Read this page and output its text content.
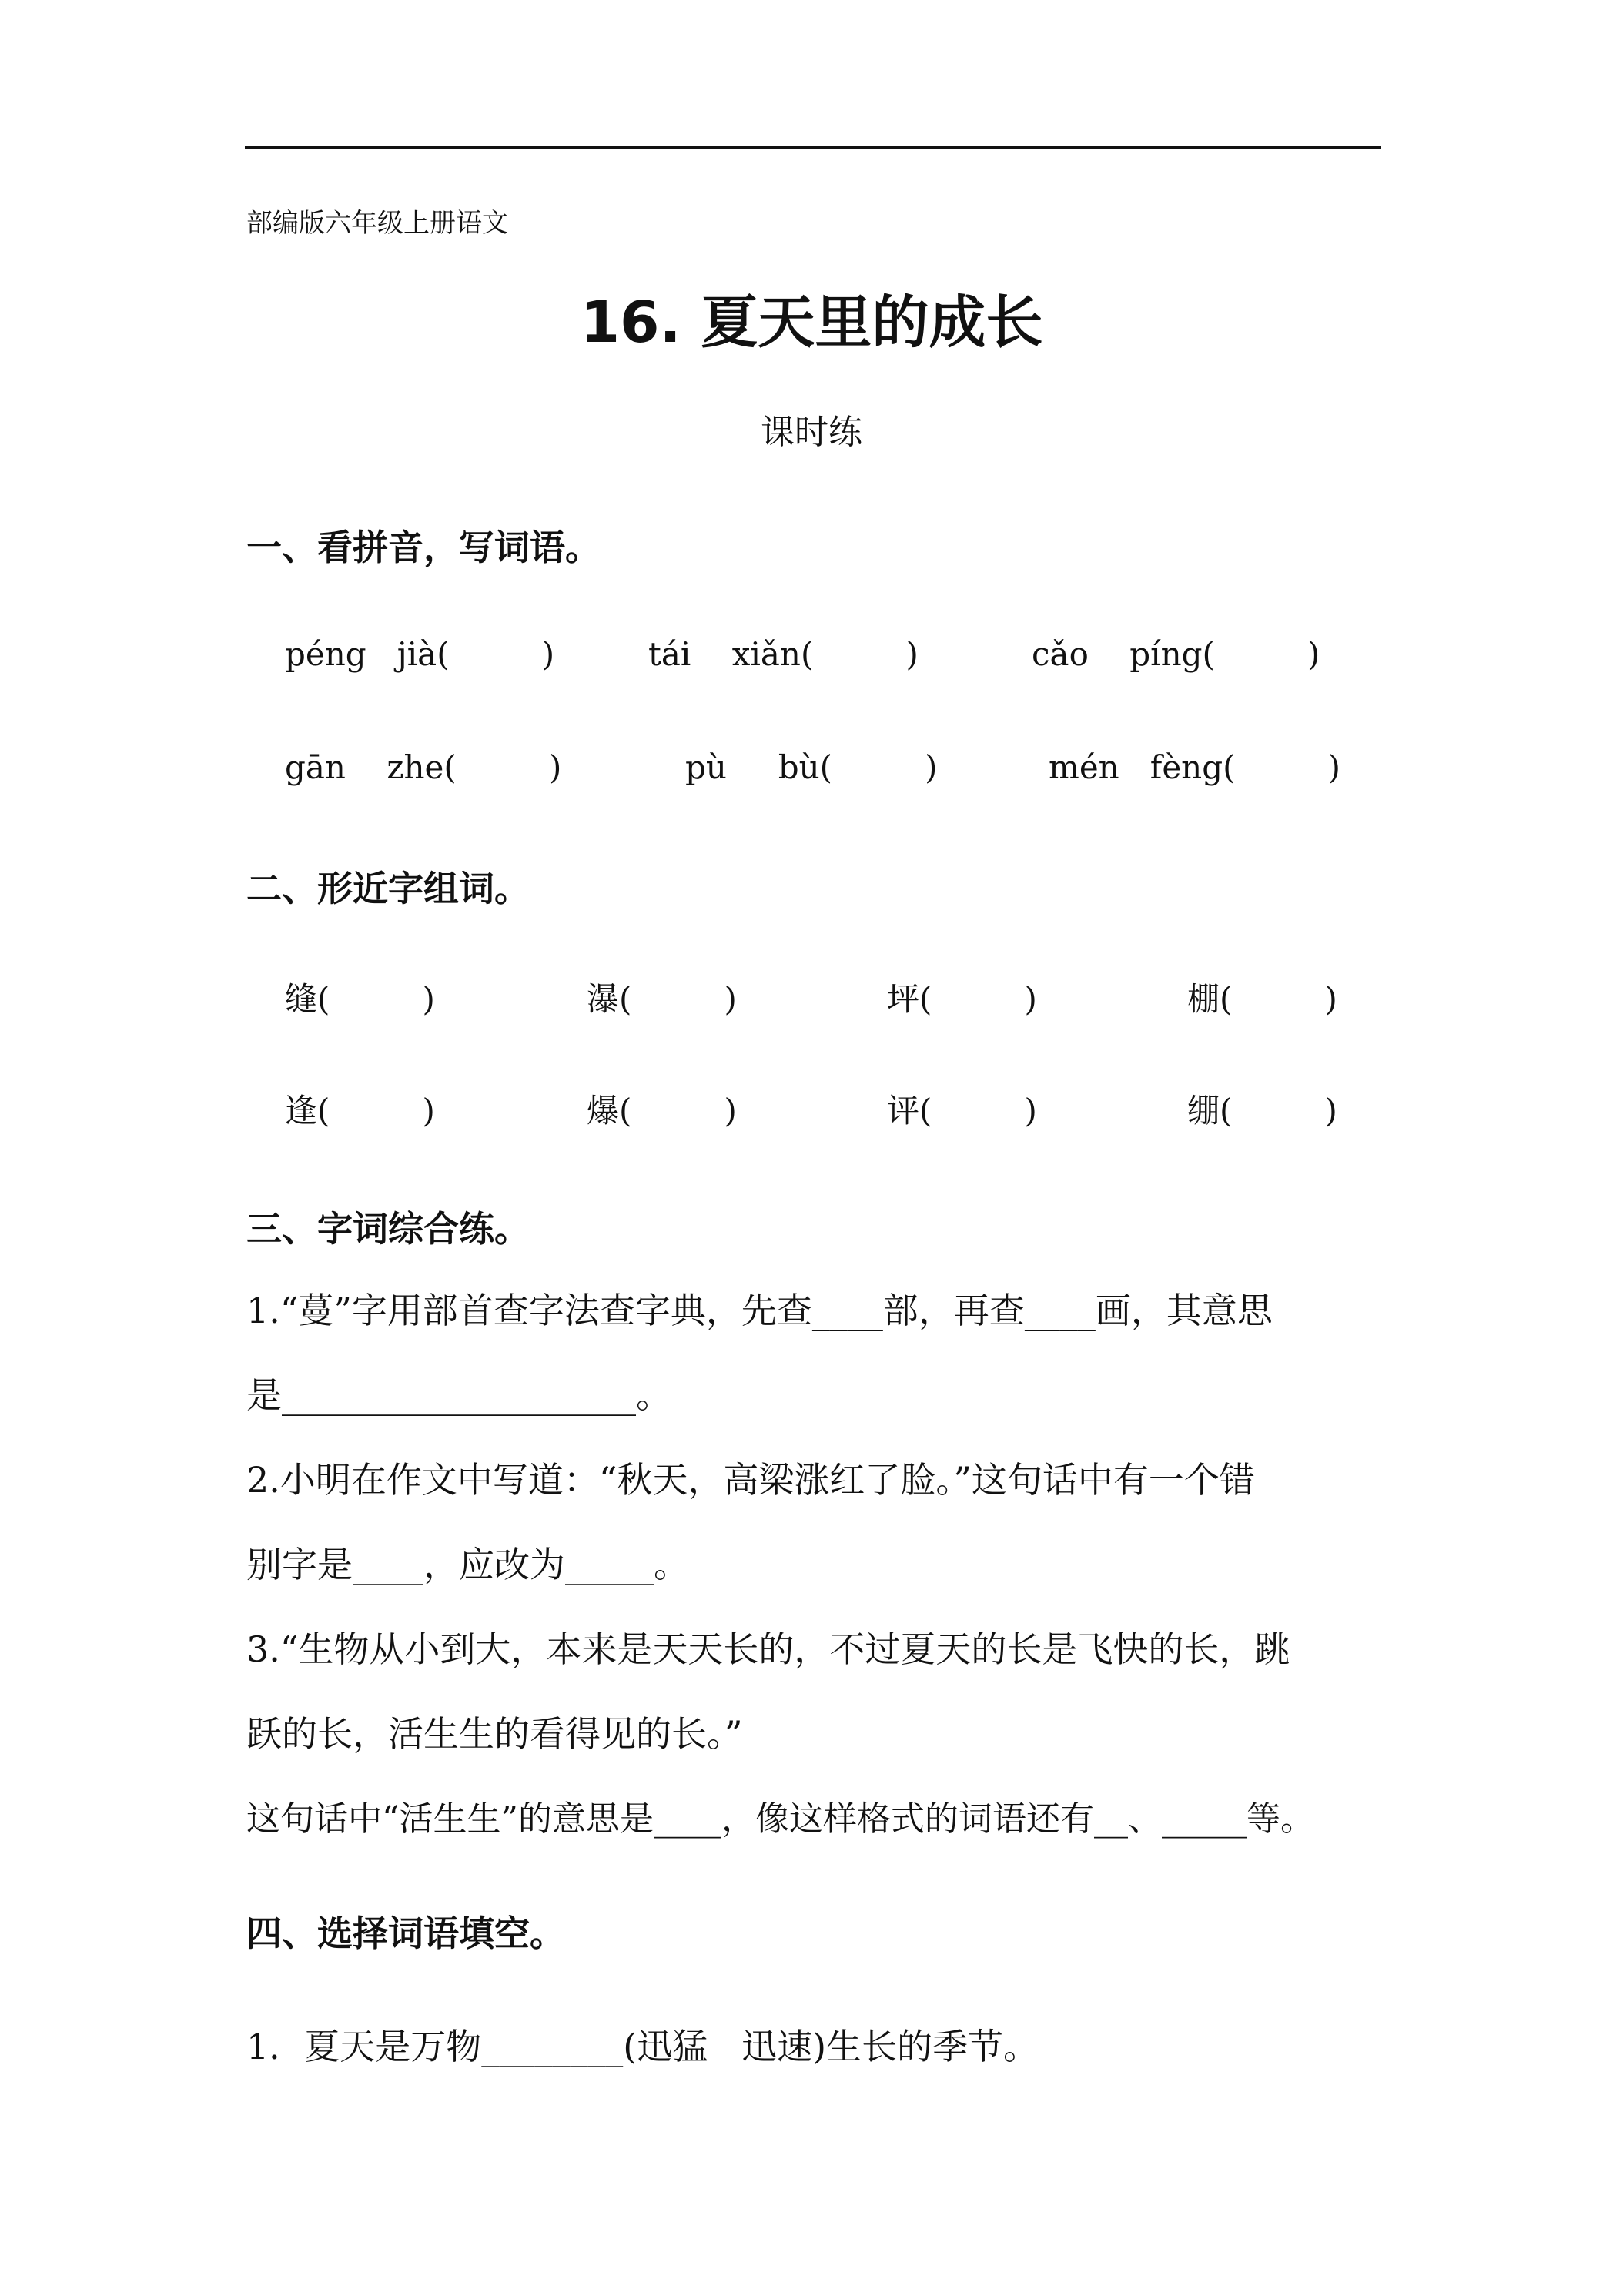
部编版六年级上册语文
16. 夏天里的成长
课时练
一、看拼音，写词语。
péng   jià(         )	tái    xiǎn(         )	cǎo    píng(         )
gān    zhe(         )	pù     bù(         )	mén   fèng(         )
二、形近字组词。
缝(         )	瀑(         )	坪(         )	棚(         )
逢(         )	爆(         )	评(         )	绷(         )
三、字词综合练。
1.“蔓”字用部首查字法查字典，先查____部，再查____画，其意思
是____________________。
2.小明在作文中写道：“秋天，高梁涨红了脸。”这句话中有一个错
别字是____，应改为_____。
3.“生物从小到大，本来是天天长的，不过夏天的长是飞快的长，跳
跃的长，活生生的看得见的长。”
这句话中“活生生”的意思是____，像这样格式的词语还有__、_____等。
四、选择词语填空。
1．夏天是万物________(迅猛   迅速)生长的季节。
